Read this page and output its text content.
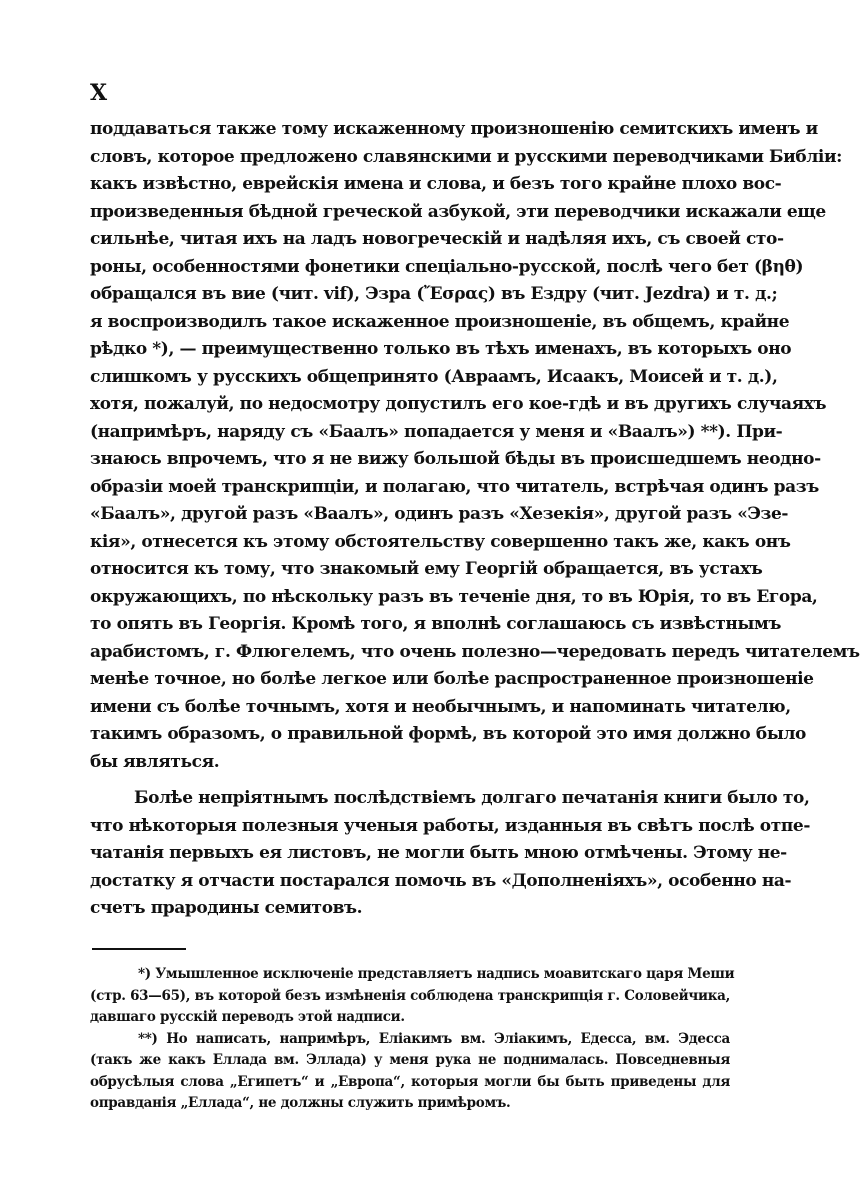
X
поддаваться также тому искаженному произношенію семитскихъ именъ и
словъ, которое предложено славянскими и русскими переводчиками Библіи:
какъ извѣстно, еврейскія имена и слова, и безъ того крайне плохо вос-
произведенныя бѣдной греческой азбукой, эти переводчики искажали еще
сильнѣе, читая ихъ на ладъ новогреческій и надѣляя ихъ, съ своей сто-
роны, особенностями фонетики спеціально-русской, послѣ чего бет (βηθ)
обращался въ вие (чит. vif), Эзра (Ἔσρας) въ Ездру (чит. Jezdra) и т. д.;
я воспроизводилъ такое искаженное произношеніе, въ общемъ, крайне
рѣдко *), — преимущественно только въ тѣхъ именахъ, въ которыхъ оно
слишкомъ у русскихъ общепринято (Авраамъ, Исаакъ, Моисей и т. д.),
хотя, пожалуй, по недосмотру допустилъ его кое-гдѣ и въ другихъ случаяхъ
(напримѣръ, наряду съ «Баалъ» попадается у меня и «Ваалъ») **). При-
знаюсь впрочемъ, что я не вижу большой бѣды въ происшедшемъ неодно-
образіи моей транскрипціи, и полагаю, что читатель, встрѣчая одинъ разъ
«Баалъ», другой разъ «Ваалъ», одинъ разъ «Хезекія», другой разъ «Эзе-
кія», отнесется къ этому обстоятельству совершенно такъ же, какъ онъ
относится къ тому, что знакомый ему Георгій обращается, въ устахъ
окружающихъ, по нѣскольку разъ въ теченіе дня, то въ Юрія, то въ Егора,
то опять въ Георгія. Кромѣ того, я вполнѣ соглашаюсь съ извѣстнымъ
арабистомъ, г. Флюгелемъ, что очень полезно—чередовать передъ читателемъ
менѣе точное, но болѣе легкое или болѣе распространенное произношеніе
имени съ болѣе точнымъ, хотя и необычнымъ, и напоминать читателю,
такимъ образомъ, о правильной формѣ, въ которой это имя должно было
бы являться.
Болѣе непріятнымъ послѣдствіемъ долгаго печатанія книги было то,
что нѣкоторыя полезныя ученыя работы, изданныя въ свѣтъ послѣ отпе-
чатанія первыхъ ея листовъ, не могли быть мною отмѣчены. Этому не-
достатку я отчасти постарался помочь въ «Дополненіяхъ», особенно на-
счетъ прародины семитовъ.
*) Умышленное исключеніе представляетъ надпись моавитскаго царя Меши
(стр. 63—65), въ которой безъ измѣненія соблюдена транскрипція г. Соловейчика,
давшаго русскій переводъ этой надписи.
**) Но написать, напримѣръ, Еліакимъ вм. Эліакимъ, Едесса, вм. Эдесса
(такъ же какъ Еллада вм. Эллада) у меня рука не поднималась. Повседневныя
обрусѣлыя слова „Египетъ“ и „Европа“, которыя могли бы быть приведены для
оправданія „Еллада“, не должны служить примѣромъ.
